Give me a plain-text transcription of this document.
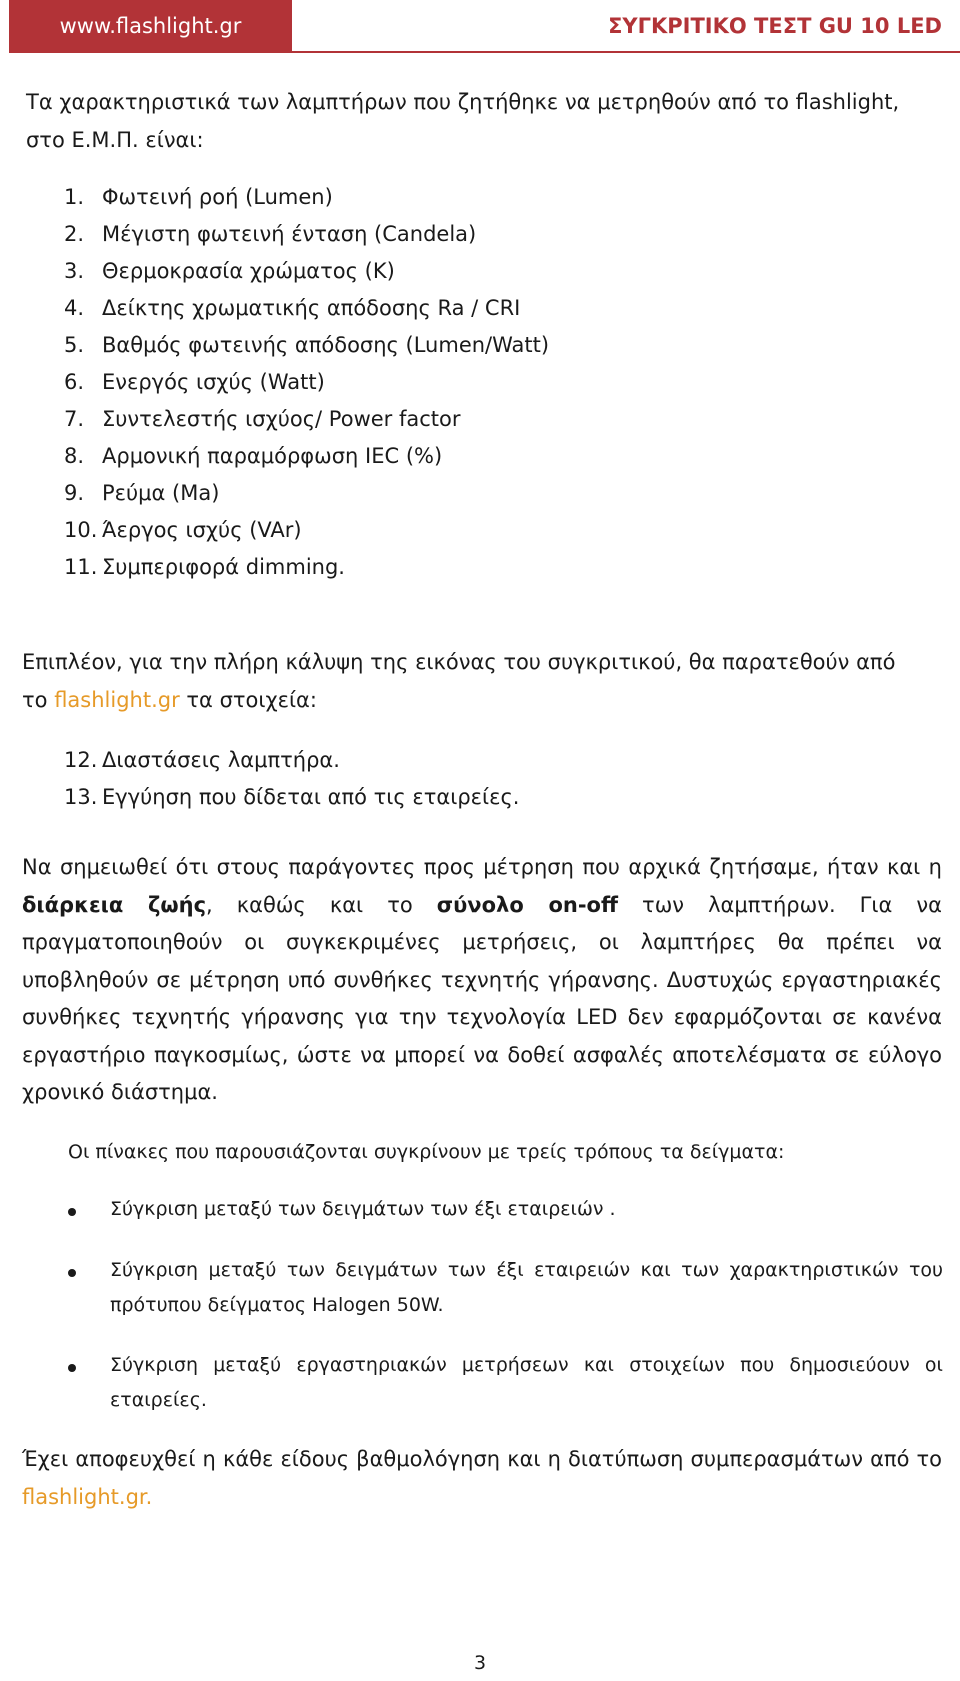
www.flashlight.gr	ΣΥΓΚΡΙΤΙΚΟ ΤΕΣΤ GU 10 LED
Τα χαρακτηριστικά των λαμπτήρων που ζητήθηκε να μετρηθούν από το flashlight,
στο Ε.Μ.Π. είναι:
1. Φωτεινή ροή (Lumen)
2. Μέγιστη φωτεινή ένταση (Candela)
3. Θερμοκρασία χρώματος (K)
4. Δείκτης χρωματικής απόδοσης Ra / CRI
5. Βαθμός φωτεινής απόδοσης (Lumen/Watt)
6. Ενεργός ισχύς (Watt)
7. Συντελεστής ισχύος/ Power factor
8. Αρμονική παραμόρφωση IEC (%)
9. Ρεύμα (Ma)
10. Άεργος ισχύς (VAr)
11. Συμπεριφορά dimming.
Επιπλέον, για την πλήρη κάλυψη της εικόνας του συγκριτικού, θα παρατεθούν από
το flashlight.gr τα στοιχεία:
12. Διαστάσεις λαμπτήρα.
13. Εγγύηση που δίδεται από τις εταιρείες.
Να σημειωθεί ότι στους παράγοντες προς μέτρηση που αρχικά ζητήσαμε, ήταν και η διάρκεια ζωής, καθώς και το σύνολο on-off των λαμπτήρων. Για να πραγματοποιηθούν οι συγκεκριμένες μετρήσεις, οι λαμπτήρες θα πρέπει να υποβληθούν σε μέτρηση υπό συνθήκες τεχνητής γήρανσης. Δυστυχώς εργαστηριακές συνθήκες τεχνητής γήρανσης για την τεχνολογία LED δεν εφαρμόζονται σε κανένα εργαστήριο παγκοσμίως, ώστε να μπορεί να δοθεί ασφαλές αποτελέσματα σε εύλογο χρονικό διάστημα.
Οι πίνακες που παρουσιάζονται συγκρίνουν με τρείς τρόπους τα δείγματα:
Σύγκριση μεταξύ των δειγμάτων των έξι εταιρειών .
Σύγκριση μεταξύ των δειγμάτων των έξι εταιρειών και των χαρακτηριστικών του πρότυπου δείγματος Halogen 50W.
Σύγκριση μεταξύ εργαστηριακών μετρήσεων και στοιχείων που δημοσιεύουν οι εταιρείες.
Έχει αποφευχθεί η κάθε είδους βαθμολόγηση και η διατύπωση συμπερασμάτων από το flashlight.gr.
3
